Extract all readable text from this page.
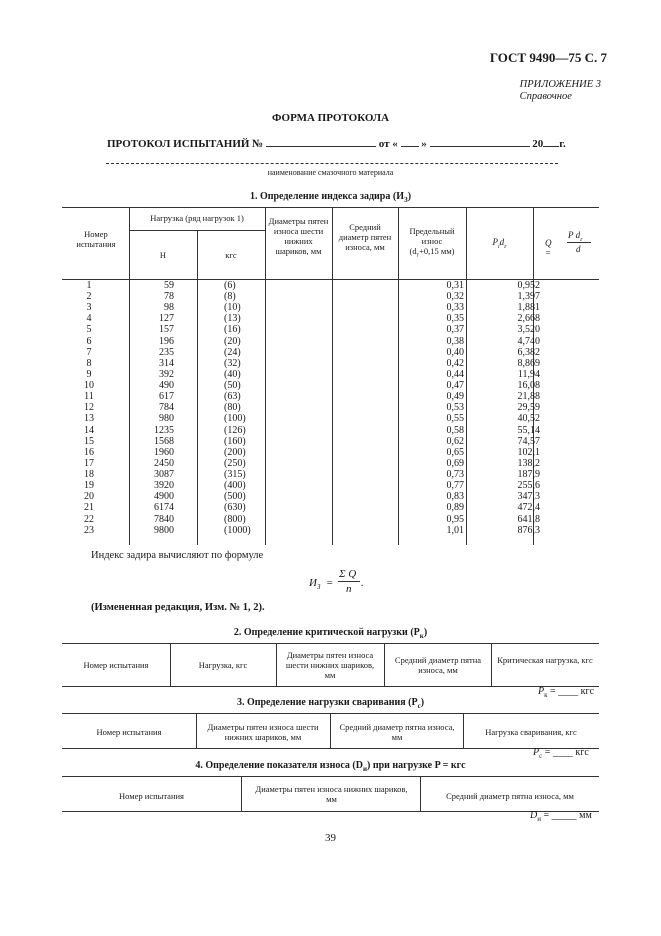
ГОСТ 9490—75 С. 7
ПРИЛОЖЕНИЕ 3
Справочное
ФОРМА ПРОТОКОЛА
ПРОТОКОЛ ИСПЫТАНИЙ №	от « »	20 г.
наименование смазочного материала
1. Определение индекса задира $(И_З)$
Номер испытания
Нагрузка (ряд нагрузок 1)
Н	кгс
Диаметры пятен износа шести нижних шариков, мм
Средний диаметр пятен износа, мм
Предельный износ
($d_г+0,15$ мм)
$P_id_г$	Q =
P $d_г$
d
1	59	(6)	0,31	0,952
2	78	(8)	0,32	1,397
3	98	(10)	0,33	1,881
4	127	(13)	0,35	2,668
5	157	(16)	0,37	3,520
6	196	(20)	0,38	4,740
7	235	(24)	0,40	6,382
8	314	(32)	0,42	8,869
9	392	(40)	0,44	11,94
10	490	(50)	0,47	16,08
11	617	(63)	0,49	21,88
12	784	(80)	0,53	29,59
13	980	(100)	0,55	40,52
14	1235	(126)	0,58	55,14
15	1568	(160)	0,62	74,57
16	1960	(200)	0,65	102,1
17	2450	(250)	0,69	138,2
18	3087	(315)	0,73	187,9
19	3920	(400)	0,77	255,6
20	4900	(500)	0,83	347,3
21	6174	(630)	0,89	472,4
22	7840	(800)	0,95	641,8
23	9800	(1000)	1,01	876,3
Индекс задира вычисляют по формуле
$И_З$ =
Σ Q
n .
(Измененная редакция, Изм. № 1, 2).
2. Определение критической нагрузки $(P_к)$
Номер испытания	Нагрузка, кгс
Диаметры пятен износа шести нижних шариков, мм
Средний диаметр пятна износа, мм
Критическая нагрузка, кгс
$P_к$ = ____ кгс
3. Определение нагрузки сваривания $(P_с)$
Номер испытания	Диаметры пятен износа шести нижних шариков, мм
Средний диаметр пятна износа, мм	Нагрузка сваривания, кгс
$P_с$ = ____ кгс
4. Определение показателя износа $(D_и)$ при нагрузке P = кгс
Номер испытания
Диаметры пятен износа нижних шариков, мм	Средний диаметр пятна износа, мм
$D_и$ = _____ мм
39
